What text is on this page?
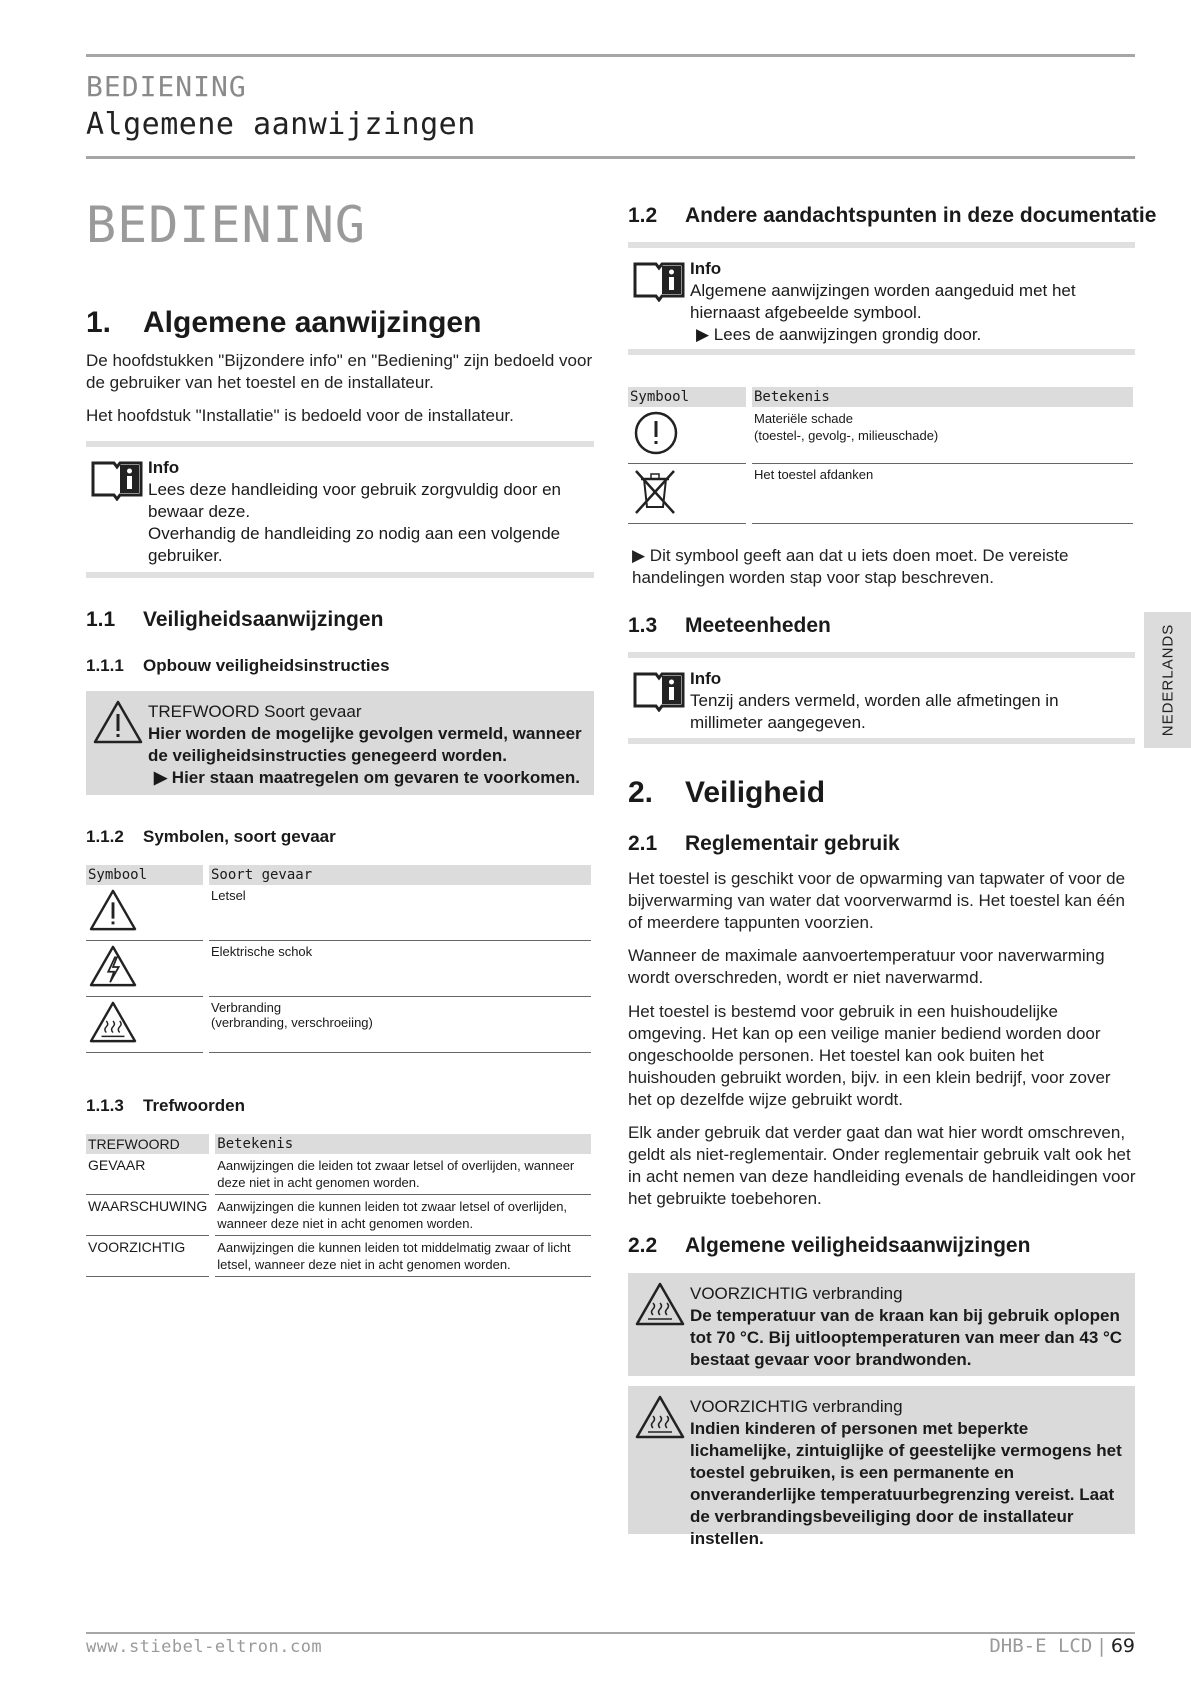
BEDIENING
Algemene aanwijzingen
BEDIENING
1.	Algemene aanwijzingen

De hoofdstukken "Bijzondere info" en "Bediening" zijn bedoeld voor de gebruiker van het toestel en de installateur.

Het hoofdstuk "Installatie" is bedoeld voor de installateur.

Info
Lees deze handleiding voor gebruik zorgvuldig door en bewaar deze.
Overhandig de handleiding zo nodig aan een volgende gebruiker.
1.1	Veiligheidsaanwijzingen
1.1.1	Opbouw veiligheidsinstructies
TREFWOORD Soort gevaar
Hier worden de mogelijke gevolgen vermeld, wanneer de veiligheidsinstructies genegeerd worden.
▶ Hier staan maatregelen om gevaren te voorkomen.
1.1.2	Symbolen, soort gevaar
Symbool		Soort gevaar
		Letsel
		Elektrische schok
		Verbranding
(verbranding, verschroeiing)
1.1.3	Trefwoorden
TREFWOORD		Betekenis
GEVAAR		Aanwijzingen die leiden tot zwaar letsel of overlijden, wanneer deze niet in acht genomen worden.
WAARSCHUWING		Aanwijzingen die kunnen leiden tot zwaar letsel of overlijden, wanneer deze niet in acht genomen worden.
VOORZICHTIG		Aanwijzingen die kunnen leiden tot middelmatig zwaar of licht letsel, wanneer deze niet in acht genomen worden.
1.2	Andere aandachtspunten in deze documentatie
Info
Algemene aanwijzingen worden aangeduid met het hiernaast afgebeelde symbool.
▶ Lees de aanwijzingen grondig door.
Symbool		Betekenis
		Materiële schade
(toestel-, gevolg-, milieuschade)
		Het toestel afdanken

▶ Dit symbool geeft aan dat u iets doen moet. De vereiste handelingen worden stap voor stap beschreven.

1.3	Meeteenheden
Info
Tenzij anders vermeld, worden alle afmetingen in millimeter aangegeven.
2.	Veiligheid
2.1	Reglementair gebruik

Het toestel is geschikt voor de opwarming van tapwater of voor de bijverwarming van water dat voorverwarmd is. Het toestel kan één of meerdere tappunten voorzien.

Wanneer de maximale aanvoertemperatuur voor naverwarming wordt overschreden, wordt er niet naverwarmd.

Het toestel is bestemd voor gebruik in een huishoudelijke omgeving. Het kan op een veilige manier bediend worden door ongeschoolde personen. Het toestel kan ook buiten het huishouden gebruikt worden, bijv. in een klein bedrijf, voor zover het op dezelfde wijze gebruikt wordt.

Elk ander gebruik dat verder gaat dan wat hier wordt omschreven, geldt als niet-reglementair. Onder reglementair gebruik valt ook het in acht nemen van deze handleiding evenals de handleidingen voor het gebruikte toebehoren.

2.2	Algemene veiligheidsaanwijzingen
VOORZICHTIG verbranding
De temperatuur van de kraan kan bij gebruik oplopen tot 70 °C. Bij uitlooptemperaturen van meer dan 43 °C bestaat gevaar voor brandwonden.
VOORZICHTIG verbranding
Indien kinderen of personen met beperkte lichamelijke, zintuiglijke of geestelijke vermogens het toestel gebruiken, is een permanente en onveranderlijke temperatuurbegrenzing vereist. Laat de verbrandingsbeveiliging door de installateur instellen.
NEDERLANDS
www.stiebel-eltron.com	DHB-E LCD | 69
